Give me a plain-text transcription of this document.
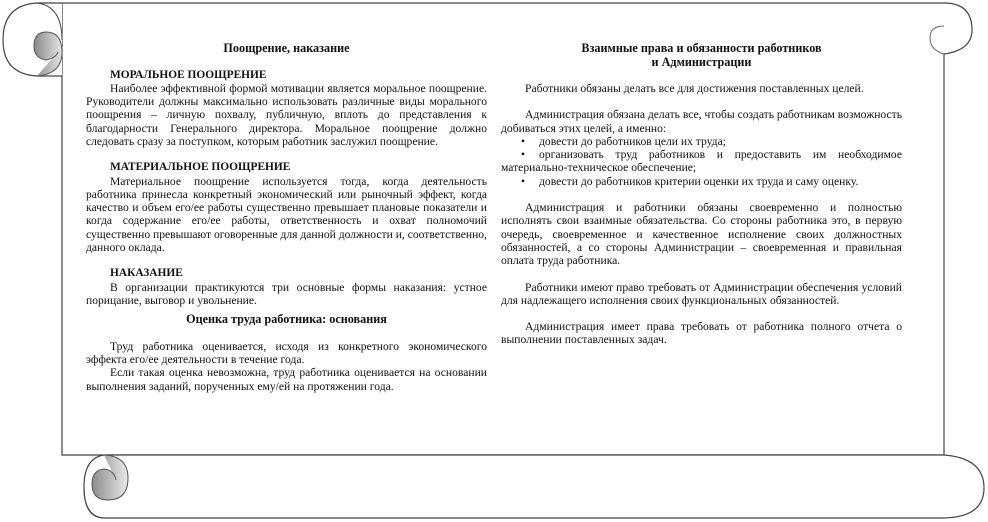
Поощрение, наказание

МОРАЛЬНОЕ ПООЩРЕНИЕ

Наиболее эффективной формой мотивации является моральное поощрение. Руководители должны максимально использовать различные виды морального поощрения – личную похвалу, публичную, вплоть до представления к благодарности Генерального директора. Моральное поощрение должно следовать сразу за поступком, которым работник заслужил поощрение.

МАТЕРИАЛЬНОЕ ПООЩРЕНИЕ

Материальное поощрение используется тогда, когда деятельность работника принесла конкретный экономический или рыночный эффект, когда качество и объем его/ее работы существенно превышает плановые показатели и когда содержание его/ее работы, ответственность и охват полномочий существенно превышают оговоренные для данной должности и, соответственно, данного оклада.

НАКАЗАНИЕ

В организации практикуются три основные формы наказания: устное порицание, выговор и увольнение.

Оценка труда работника: основания

Труд работника оценивается, исходя из конкретного экономического эффекта его/ее деятельности в течение года.

Если такая оценка невозможна, труд работника оценивается на основании выполнения заданий, порученных ему/ей на протяжении года.

Взаимные права и обязанности работников

и Администрации

Работники обязаны делать все для достижения поставленных целей.

Администрация обязана делать все, чтобы создать работникам возможность добиваться этих целей, а именно:

• довести до работников цели их труда;
• организовать труд работников и предоставить им необходимое материально-техническое обеспечение;
• довести до работников критерии оценки их труда и саму оценку.

Администрация и работники обязаны своевременно и полностью исполнять свои взаимные обязательства. Со стороны работника это, в первую очередь, своевременное и качественное исполнение своих должностных обязанностей, а со стороны Администрации – своевременная и правильная оплата труда работника.

Работники имеют право требовать от Администрации обеспечения условий для надлежащего исполнения своих функциональных обязанностей.

Администрация имеет права требовать от работника полного отчета о выполнении поставленных задач.
